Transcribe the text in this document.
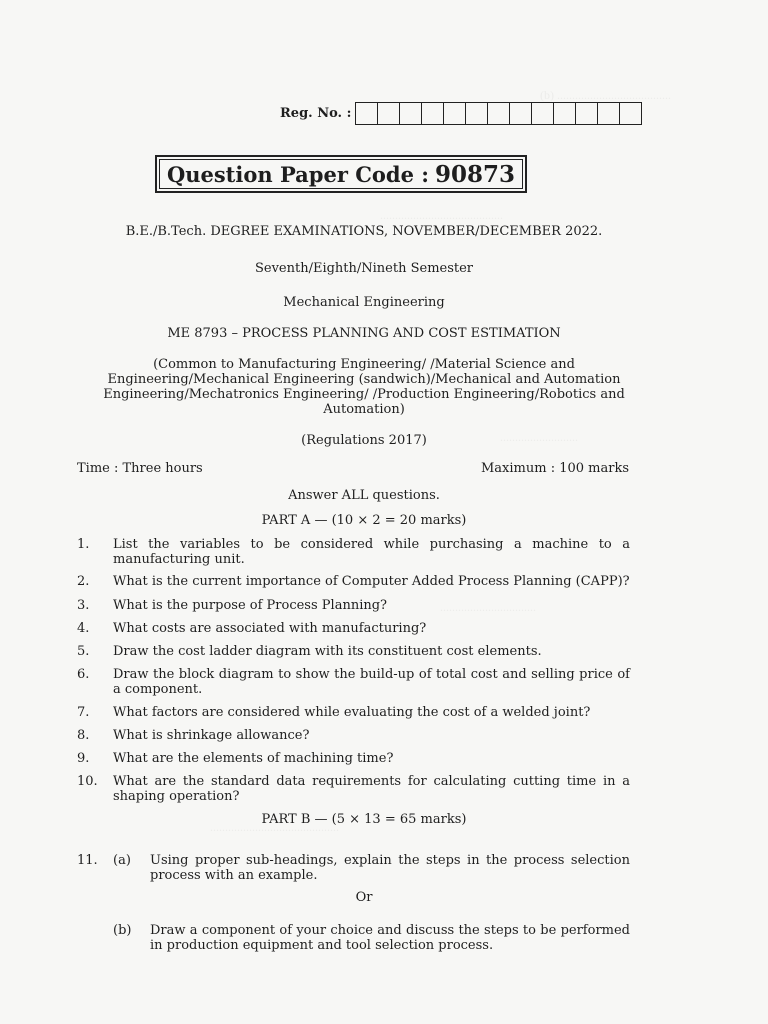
Reg. No. :
Question Paper Code : 90873
B.E./B.Tech. DEGREE EXAMINATIONS, NOVEMBER/DECEMBER 2022.
Seventh/Eighth/Nineth Semester
Mechanical Engineering
ME 8793 – PROCESS PLANNING AND COST ESTIMATION
(Common to Manufacturing Engineering/ /Material Science and Engineering/Mechanical Engineering (sandwich)/Mechanical and Automation Engineering/Mechatronics Engineering/ /Production Engineering/Robotics and Automation)
(Regulations 2017)
Time : Three hours	Maximum : 100 marks
Answer ALL questions.
PART A — (10 × 2 = 20 marks)
1.	List the variables to be considered while purchasing a machine to a manufacturing unit.
2.	What is the current importance of Computer Added Process Planning (CAPP)?
3.	What is the purpose of Process Planning?
4.	What costs are associated with manufacturing?
5.	Draw the cost ladder diagram with its constituent cost elements.
6.	Draw the block diagram to show the build-up of total cost and selling price of a component.
7.	What factors are considered while evaluating the cost of a welded joint?
8.	What is shrinkage allowance?
9.	What are the elements of machining time?
10.	What are the standard data requirements for calculating cutting time in a shaping operation?
PART B — (5 × 13 = 65 marks)
11.	(a)	Using proper sub-headings, explain the steps in the process selection process with an example.
Or
(b)	Draw a component of your choice and discuss the steps to be performed in production equipment and tool selection process.
